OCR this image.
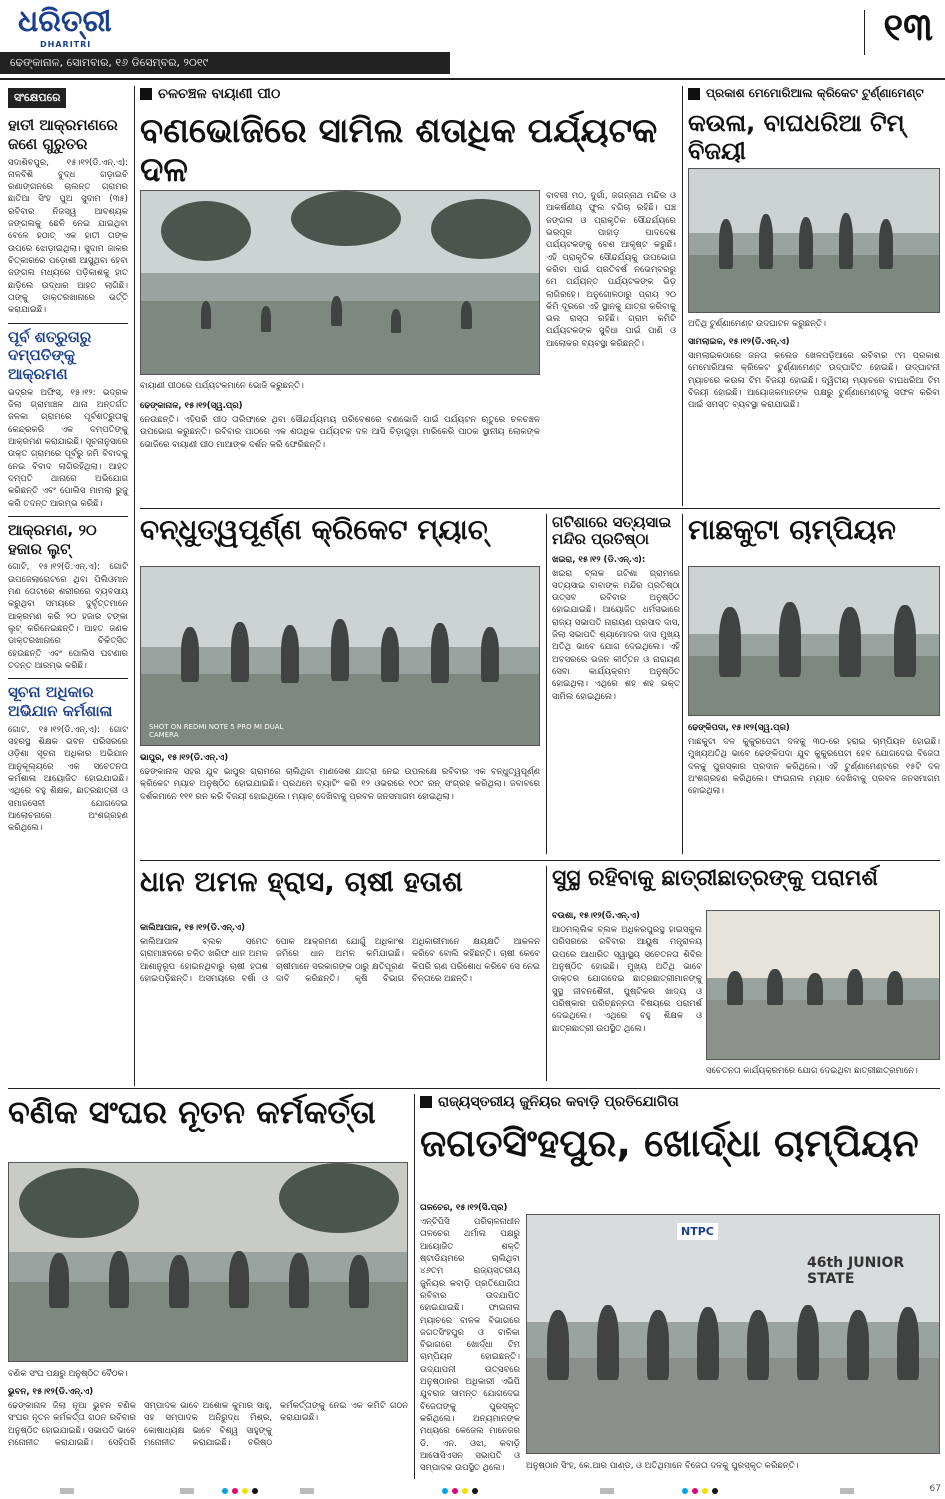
ଧରିତ୍ରୀ
DHARITRI
ଢେଙ୍କାନାଳ, ସୋମବାର, ୧୬ ଡିସେମ୍ବର, ୨୦୧୯
୧୩
ସଂକ୍ଷେପରେ
ହାତୀ ଆକ୍ରମଣରେ ଜଣେ ଗୁରୁତର
ସଦାଶିବପୁର, ୧୫।୧୨(ଡି.ଏନ୍.ଏ): ନାଳବିଶି ବୁଦ୍ଧ ଗଡ଼ାଇଚି ରଣାଙ୍ଗନରେ ଚାଲନ୍ତ ଗ୍ରାମର ଛାତିଆ ସିଂହ ପୁଅ ସୁଦାମ (୩୫) ରବିବାର ନିଜସ୍ୱ ଆବଶ୍ୟକ ଜଙ୍ଗଲକୁ ଛେଳି ନେଇ ଯାଇଥିବା ବେଳେ ହଠାତ୍ ଏକ ହାତୀ ତାଙ୍କ ଉପରେ ଝୋଡ଼ାଇଥିଲା। ସୁଦାମ ଜାକର ଚିତ୍କାରରେ ପଡ଼ୋଶୀ ଆସୁଥିବା ହେବା ଜଙ୍ଗଲ ମଧ୍ୟରେ ପଡ଼ିକାଶକୁ ହାତ ଛାଡ଼ିଲେ ଉଦ୍ଧାର ଆହତ ଲାଗିଛି। ତାଙ୍କୁ ଡାକ୍ତରଖାନାରେ ଭର୍ତ୍ତି କରାଯାଇଛି।
ପୂର୍ବ ଶତ୍ରୁତାରୁ ଦମ୍ପତିଙ୍କୁ ଆକ୍ରମଣ
ଭଦ୍ରକ ଅଫିସ୍, ୧୫।୧୨: ଭଦ୍ରକ ଜିଲା ଗ୍ରାମାଞ୍ଚଳ ଥାନା ଅନ୍ତର୍ଗତ ଜଳକା ଗ୍ରାମରେ ପୂର୍ବଶତ୍ରୁତାକୁ କେନ୍ଦ୍ରକରି ଏକ ଦମ୍ପତିଙ୍କୁ ଆକ୍ରମଣ କରାଯାଇଛି। ସୂଚନାନୁସାରେ ଉକ୍ତ ଗ୍ରାମରେ ପୂର୍ବରୁ ଜମି ବିବାଦକୁ ନେଇ ବିବାଦ ଲାଗିରହିଥିଲା। ଆହତ ଦମ୍ପତି ଥାନାରେ ଅଭିଯୋଗ କରିଛନ୍ତି ଏବଂ ପୋଲିସ ମାମଲା ରୁଜୁ କରି ତଦନ୍ତ ଆରମ୍ଭ କରିଛି।
ଆକ୍ରମଣ, ୨୦ ହଜାର ଲୁଟ୍
ଗୋଟି, ୧୫।୧୨(ଡି.ଏନ୍.ଏ): ଗୋଟି ଉପଜେଲାରୋଟରେ ଥିବା ପିଲିଓମାନ ମଣ ତୋଟାରେ ଶରୀରରେ ବ୍ୟବସାୟ କରୁଥିବା ସମୟରେ ଦୁର୍ବୃତ୍ତମାନେ ଆକ୍ରମଣ କରି ୨୦ ହଜାର ଟଙ୍କା ଲୁଟ୍ କରିନେଇଛନ୍ତି। ଆହତ ଜଣକ ଡାକ୍ତରଖାନାରେ ଚିକିତ୍ସିତ ହେଉଛନ୍ତି ଏବଂ ପୋଲିସ ଘଟଣାର ତଦନ୍ତ ଆରମ୍ଭ କରିଛି।
ସୂଚନା ଅଧିକାର ଅଭିଯାନ କର୍ମଶାଳା
ଗୋଟ, ୧୫।୧୨(ଡି.ଏନ୍.ଏ): ଗୋଟ ସହରସ୍ଥ ଶିକ୍ଷକ ଭବନ ପରିସରରେ ଓଡ଼ିଶା ସୂଚନା ଅଧିକାର ଅଭିଯାନ ଆନୁକୂଲ୍ୟରେ ଏକ ସଚେତନତା କର୍ମଶାଳା ଆୟୋଜିତ ହୋଇଯାଇଛି। ଏଥିରେ ବହୁ ଶିକ୍ଷକ, ଛାତ୍ରଛାତ୍ରୀ ଓ ସମାଜସେବୀ ଯୋଗଦେଇ ଆଲୋଚନାରେ ଅଂଶଗ୍ରହଣ କରିଥିଲେ।
ଚଳଚଞ୍ଚଳ ବାୟାଣୀ ପୀଠ
ବଣଭୋଜିରେ ସାମିଲ ଶତାଧିକ ପର୍ଯ୍ୟଟକ ଦଳ
ବାୟାଣୀ ପୀଠରେ ପର୍ଯ୍ୟଟକମାନେ ଭୋଜି କରୁଛନ୍ତି।
ଢେଙ୍କାନାଳ, ୧୫।୧୨(ସ୍ୱ.ପ୍ର)
ନେଉଛନ୍ତି। ଏହିପରି ପୀଠ ତାରିଫାରେ ଥିବା ସୌନ୍ଦର୍ଯ୍ୟମୟ ପରିବେଶରେ ବଣଭୋଜି ପାଇଁ ପର୍ଯ୍ୟଟନ ଋତୁରେ ଚଳଚଞ୍ଚଳ ଉପଭୋଗ କରୁଛନ୍ତି। ରବିବାର ପାଠରେ ଏକ ଶତାଧିକ ପର୍ଯ୍ୟଟକ ଦଳ ଆସି ଚିଡ଼ାଗୁଡ଼ା ମାରିକେରି ପାଠକ ସ୍ଥାନୀୟ ଲୋକଙ୍କ ଭୋଜିରେ ବାୟାଣୀ ପୀଠ ମାଆଙ୍କ ଦର୍ଶନ କରି ଫେରିଛନ୍ତି।
ବାବରୀ ମଠ, ଦୁର୍ଗା, ଜଗନ୍ନାଥ ମନ୍ଦିର ଓ ଆକର୍ଷଣୀୟ ଫୁଲ ବଗିଚା ରହିଛି। ଘଞ୍ଚ ଜଙ୍ଗଲ ଓ ପ୍ରାକୃତିକ ସୌନ୍ଦର୍ଯ୍ୟରେ ଭରପୂର ପାହାଡ଼ ପାଦଦେଶ ପର୍ଯ୍ୟଟକଙ୍କୁ ବେଶ ଆକୃଷ୍ଟ କରୁଛି। ଏହି ପ୍ରାକୃତିକ ସୌନ୍ଦର୍ଯ୍ୟକୁ ଉପଭୋଗ କରିବା ପାଇଁ ପ୍ରତିବର୍ଷ ନଭେମ୍ବରରୁ ମେ ପର୍ଯ୍ୟନ୍ତ ପର୍ଯ୍ୟଟକଙ୍କ ଭିଡ଼ ଲାଗିରହେ। ଅନୁଗୋଳଠାରୁ ପ୍ରାୟ ୨୦ କିମି ଦୂରରେ ଏହି ସ୍ଥାନକୁ ଯାତ୍ରା କରିବାକୁ ଭଲ ରାସ୍ତା ରହିଛି। ଗ୍ରାମ କମିଟି ପର୍ଯ୍ୟଟକଙ୍କ ସୁବିଧା ପାଇଁ ପାଣି ଓ ଆଲୋକର ବ୍ୟବସ୍ଥା କରିଛନ୍ତି।
ପ୍ରକାଶ ମେମୋରିଆଲ କ୍ରିକେଟ ଟୁର୍ଣ୍ଣାମେଣ୍ଟ
କଉଳା, ବାଘଧରିଆ ଟିମ୍ ବିଜୟୀ
ଅତିଥି ଟୁର୍ଣ୍ଣାମେଣ୍ଟ ଉଦଘାଟନ କରୁଛନ୍ତି।
ସାମଲାଇକ, ୧୫।୧୨(ଡି.ଏନ୍.ଏ)
ସାମଲାଇକଠାରେ ଜନତା କଲେଜ ଖେଳପଡ଼ିଆରେ ରବିବାର ୯ମ ପ୍ରକାଶ ମେମୋରିଆଲ କ୍ରିକେଟ ଟୁର୍ଣ୍ଣାମେଣ୍ଟ ଉଦ୍‌ଘାଟିତ ହୋଇଛି। ଉଦ୍‌ଘାଟନୀ ମ୍ୟାଚରେ କଉଳା ଟିମ ବିଜୟୀ ହୋଇଛି। ଦ୍ୱିତୀୟ ମ୍ୟାଚରେ ବାଘଧରିଆ ଟିମ ବିଜୟୀ ହୋଇଛି। ଆୟୋଜକମାନଙ୍କ ପକ୍ଷରୁ ଟୁର୍ଣ୍ଣାମେଣ୍ଟକୁ ସଫଳ କରିବା ପାଇଁ ସମସ୍ତ ବ୍ୟବସ୍ଥା କରାଯାଇଛି।
ବନ୍ଧୁତ୍ୱପୂର୍ଣ୍ଣ କ୍ରିକେଟ ମ୍ୟାଚ୍
SHOT ON REDMI NOTE 5 PRO MI DUAL CAMERA
ଭାପୁର, ୧୫।୧୨(ଡି.ଏନ୍.ଏ)
ଢେଙ୍କାନାଳ ସହର ଯୁବ ଭାପୁର ଗ୍ରାମରେ ଚାଲିଥିବା ମାଣସେଶ ଯାତ୍ରା ନେଇ ଉପଲକ୍ଷେ ରବିବାର ଏକ ବନ୍ଧୁତ୍ୱପୂର୍ଣ୍ଣ କ୍ରିକେଟ ମ୍ୟାଚ ଅନୁଷ୍ଠିତ ହୋଇଯାଇଛି। ପ୍ରଥମେ ବ୍ୟାଟିଂ କରି ୧୨ ଓଭରରେ ୧୦୯ ରନ୍ ସଂଗ୍ରହ କରିଥିଲା। ଜବାବରେ ଦର୍ଶକମାନେ ୧୧୧ ରନ କରି ବିଜୟୀ ହୋଇଥିଲେ। ମ୍ୟାଚ୍ ଦେଖିବାକୁ ପ୍ରବଳ ଜନସମାଗମ ହୋଇଥିଲା।
ଗଟିଶାରେ ସତ୍ୟସାଇ ମନ୍ଦିର ପ୍ରତିଷ୍ଠା
ଖଇରା, ୧୫।୧୨ (ଡି.ଏନ୍.ଏ):
ଖଇରା ବ୍ଲକ ଗଟିଶା ଗ୍ରାମରେ ସତ୍ୟସାଇ ବାବାଙ୍କ ମନ୍ଦିର ପ୍ରତିଷ୍ଠା ଉତ୍ସବ ରବିବାର ଅନୁଷ୍ଠିତ ହୋଇଯାଇଛି। ଆୟୋଜିତ ଧର୍ମସଭାରେ ରାଜ୍ୟ ସଭାପତି ନାରାୟଣ ପ୍ରସାଦ ଦାସ, ଜିଲା ସଭାପତି ଶ୍ୟାମୋଦର ଦାସ ମୁଖ୍ୟ ଅତିଥି ଭାବେ ଯୋଗ ଦେଇଥିଲେ। ଏହି ଅବସରରେ ଭଜନ କୀର୍ତ୍ତନ ଓ ନାରାୟଣ ସେବା କାର୍ଯ୍ୟକ୍ରମ ଅନୁଷ୍ଠିତ ହୋଇଥିଲା। ଏଥିରେ ଶହ ଶହ ଭକ୍ତ ସାମିଲ ହୋଇଥିଲେ।
ମାଛକୁଟା ଚାମ୍ପିୟନ
ଢେଙ୍କିପଦା, ୧୫।୧୨(ସ୍ୱ.ପ୍ର)
ମାଛକୁଟା ଦଳ କୁକୁରପେଟା ଦଳକୁ ୩୦-ରେ ହରାଇ ଚାମ୍ପିୟନ ହୋଇଛି। ମୁଖ୍ୟଅତିଥି ଭାବେ ଢେଙ୍କିପଦା ଯୁବ କୁକୁରପେଟା ହେବ ଯୋଗଦେଇ ବିଜେତା ଦଳକୁ ପୁରସ୍କାର ପ୍ରଦାନ କରିଥିଲେ। ଏହି ଟୁର୍ଣ୍ଣାମେଣ୍ଟରେ ୧୫ଟି ଦଳ ଅଂଶଗ୍ରହଣ କରିଥିଲେ। ଫାଇନାଲ ମ୍ୟାଚ ଦେଖିବାକୁ ପ୍ରବଳ ଜନସମାଗମ ହୋଇଥିଲା।
ଧାନ ଅମଳ ହ୍ରାସ, ଚାଷୀ ହତାଶ
କାଲିଆପାଳ, ୧୫।୧୨(ଡି.ଏନ୍.ଏ)
କାଲିଆପାଳ ବ୍ଲକ ସମେତ ଗ୍ରାମାଞ୍ଚଳରେ ଚଳିତ ଖରିଫ ଧାନ ଅମଳ ଆଶାନୁରୂପ ହୋଇନଥିବାରୁ ଚାଷୀ ହତାଶ ହୋଇପଡ଼ିଛନ୍ତି। ଅସମୟରେ ବର୍ଷା ଓ ପୋକ ଆକ୍ରମଣ ଯୋଗୁଁ ଅଧିକାଂଶ ଜମିରେ ଧାନ ଅମଳ କମିଯାଇଛି। ଚାଷୀମାନେ ସରକାରଙ୍କ ଠାରୁ କ୍ଷତିପୂରଣ ଦାବି କରିଛନ୍ତି। କୃଷି ବିଭାଗ ଅଧିକାରୀମାନେ କ୍ଷୟକ୍ଷତି ଆକଳନ କରିବେ ବୋଲି କହିଛନ୍ତି। ଚାଷୀ କେବେ କିପରି ଋଣ ପରିଶୋଧ କରିବେ ସେ ନେଇ ଚିନ୍ତାରେ ଅଛନ୍ତି।
ସୁସ୍ଥ ରହିବାକୁ ଛାତ୍ରୀଛାତ୍ରଙ୍କୁ ପରାମର୍ଶ
ବଉଶା, ୧୫।୧୨(ଡି.ଏନ୍.ଏ)
ଆଠମଲ୍ଲିକ ବ୍ଲକ ଅଧିକରପୁରସ୍ଥ ହାଇସ୍କୁଲ ପରିସରରେ ରବିବାର ଆୟୁଷ ମନ୍ତ୍ରାଳୟ ଉପରେ ଆଧାରିତ ସ୍ୱାସ୍ଥ୍ୟ ସଚେତନତା ଶିବିର ଅନୁଷ୍ଠିତ ହୋଇଛି। ମୁଖ୍ୟ ଅତିଥି ଭାବେ ଡାକ୍ତର ଯୋଗଦେଇ ଛାତ୍ରଛାତ୍ରୀମାନଙ୍କୁ ସୁସ୍ଥ ଜୀବନଶୈଳୀ, ପୁଷ୍ଟିକର ଖାଦ୍ୟ ଓ ପରିଷ୍କାର ପରିଚ୍ଛନ୍ନତା ବିଷୟରେ ପରାମର୍ଶ ଦେଇଥିଲେ। ଏଥିରେ ବହୁ ଶିକ୍ଷକ ଓ ଛାତ୍ରଛାତ୍ରୀ ଉପସ୍ଥିତ ଥିଲେ।
ସଚେତନତା କାର୍ଯ୍ୟକ୍ରମରେ ଯୋଗ ଦେଇଥିବା ଛାତ୍ରୀଛାତ୍ରମାନେ।
ବଣିକ ସଂଘର ନୂତନ କର୍ମକର୍ତ୍ତା
ବଣିକ ସଂଘ ପକ୍ଷରୁ ଅନୁଷ୍ଠିତ ବୈଠକ।
ଭୁବନ, ୧୫।୧୨(ଡି.ଏନ୍.ଏ)
ଢେଙ୍କାନାଳ ଜିଲା ନୂଆ ଭୁବନ ବଣିକ ସଂଘର ନୂତନ କର୍ମକର୍ତ୍ତା ଗଠନ ରବିବାର ଅନୁଷ୍ଠିତ ହୋଇଯାଇଛି। ସଭାପତି ଭାବେ ମନୋନୀତ କରାଯାଇଛି। ସେହିପରି ସମ୍ପାଦକ ଭାବେ ଅଶୋକ କୁମାର ସାହୁ, ସହ ସମ୍ପାଦକ ଅନିରୁଦ୍ଧ ମିଶ୍ର, କୋଷାଧ୍ୟକ୍ଷ ଭାବେ ବିଶ୍ୱ ସାହୁଙ୍କୁ ମନୋନୀତ କରାଯାଇଛି। ବରିଷ୍ଠ କର୍ମକର୍ତ୍ତାଙ୍କୁ ନେଇ ଏକ କମିଟି ଗଠନ କରାଯାଇଛି।
ରାଜ୍ୟସ୍ତରୀୟ ଜୁନିୟର କବାଡ଼ି ପ୍ରତିଯୋଗିତା
ଜଗତସିଂହପୁର, ଖୋର୍ଦ୍ଧା ଚାମ୍ପିୟନ
ତାଳଚେର, ୧୫।୧୨(ସି.ପ୍ର)
ଏନ୍‌ଟିପିସି ପରିଚାଳନାଧୀନ ତାଳଚେର ଥର୍ମାଲ ପକ୍ଷରୁ ଆୟୋଜିତ ଶକ୍ତି ଷ୍ଟାଡିୟମରେ ଚାଲିଥିବା ୪୬ତମ ରାଜ୍ୟସ୍ତରୀୟ ଜୁନିୟର କବାଡ଼ି ପ୍ରତିଯୋଗିତା ରବିବାର ଉଦଯାପିତ ହୋଇଯାଇଛି। ଫାଇନାଲ ମ୍ୟାଚରେ ବାଳକ ବିଭାଗରେ ଜଗତସିଂହପୁର ଓ ବାଳିକା ବିଭାଗରେ ଖୋର୍ଦ୍ଧା ଟିମ ଚାମ୍ପିୟନ ହୋଇଛନ୍ତି। ଉଦ୍‌ଯାପନୀ ଉତ୍ସବରେ ଅନୁଷ୍ଠାନର ଅଧିକାରୀ ଏଭିପି ଯୁବରାଜ ସାମନ୍ତ ଯୋଗଦେଇ ବିଜେତାଙ୍କୁ ପୁରସ୍କୃତ କରିଥିଲେ। ଅନ୍ୟମାନଙ୍କ ମଧ୍ୟରେ କେଜେଲ ମାନେଜର ଡି. ଏନ. ଓଝା, କବାଡ଼ି ଆସୋସିଏସନ ସଭାପତି ଓ ସମ୍ପାଦକ ଉପସ୍ଥିତ ଥିଲେ।
NTPC
46th JUNIOR STATE
ଅନୁଷ୍ଠାନ ସିଂହ, କେ.ଆର ପାଣ୍ଡ, ଓ ଅତିଥିମାନେ ବିଜେତା ଦଳକୁ ପୁରସ୍କୃତ କରିଛନ୍ତି।
67
